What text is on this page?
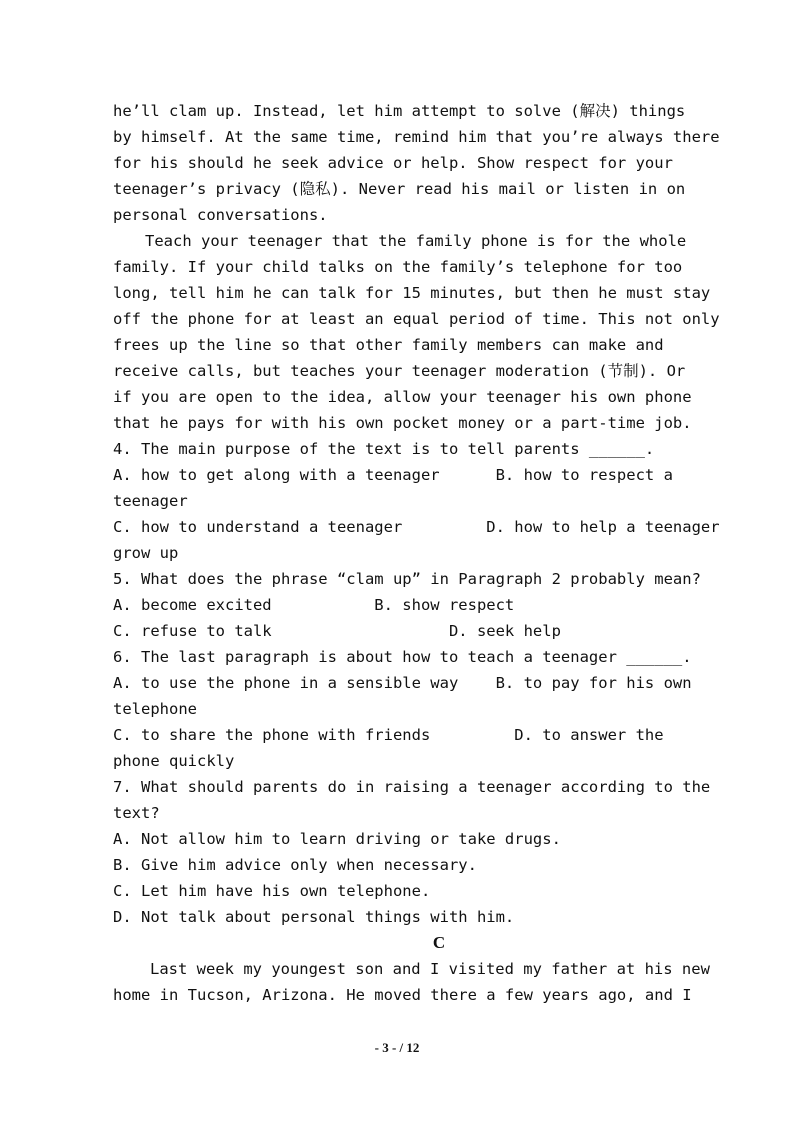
he’ll clam up. Instead, let him attempt to solve (解决) things
by himself. At the same time, remind him that you’re always there
for his should he seek advice or help. Show respect for your
teenager’s privacy (隐私). Never read his mail or listen in on
personal conversations.
Teach your teenager that the family phone is for the whole
family. If your child talks on the family’s telephone for too
long, tell him he can talk for 15 minutes, but then he must stay
off the phone for at least an equal period of time. This not only
frees up the line so that other family members can make and
receive calls, but teaches your teenager moderation (节制). Or
if you are open to the idea, allow your teenager his own phone
that he pays for with his own pocket money or a part-time job.
4. The main purpose of the text is to tell parents ______.
A. how to get along with a teenager      B. how to respect a
teenager
C. how to understand a teenager         D. how to help a teenager
grow up
5. What does the phrase “clam up” in Paragraph 2 probably mean?
A. become excited           B. show respect
C. refuse to talk                   D. seek help
6. The last paragraph is about how to teach a teenager ______.
A. to use the phone in a sensible way    B. to pay for his own
telephone
C. to share the phone with friends         D. to answer the
phone quickly
7. What should parents do in raising a teenager according to the
text?
A. Not allow him to learn driving or take drugs.
B. Give him advice only when necessary.
C. Let him have his own telephone.
D. Not talk about personal things with him.
C
Last week my youngest son and I visited my father at his new
home in Tucson, Arizona. He moved there a few years ago, and I
- 3 - / 12
